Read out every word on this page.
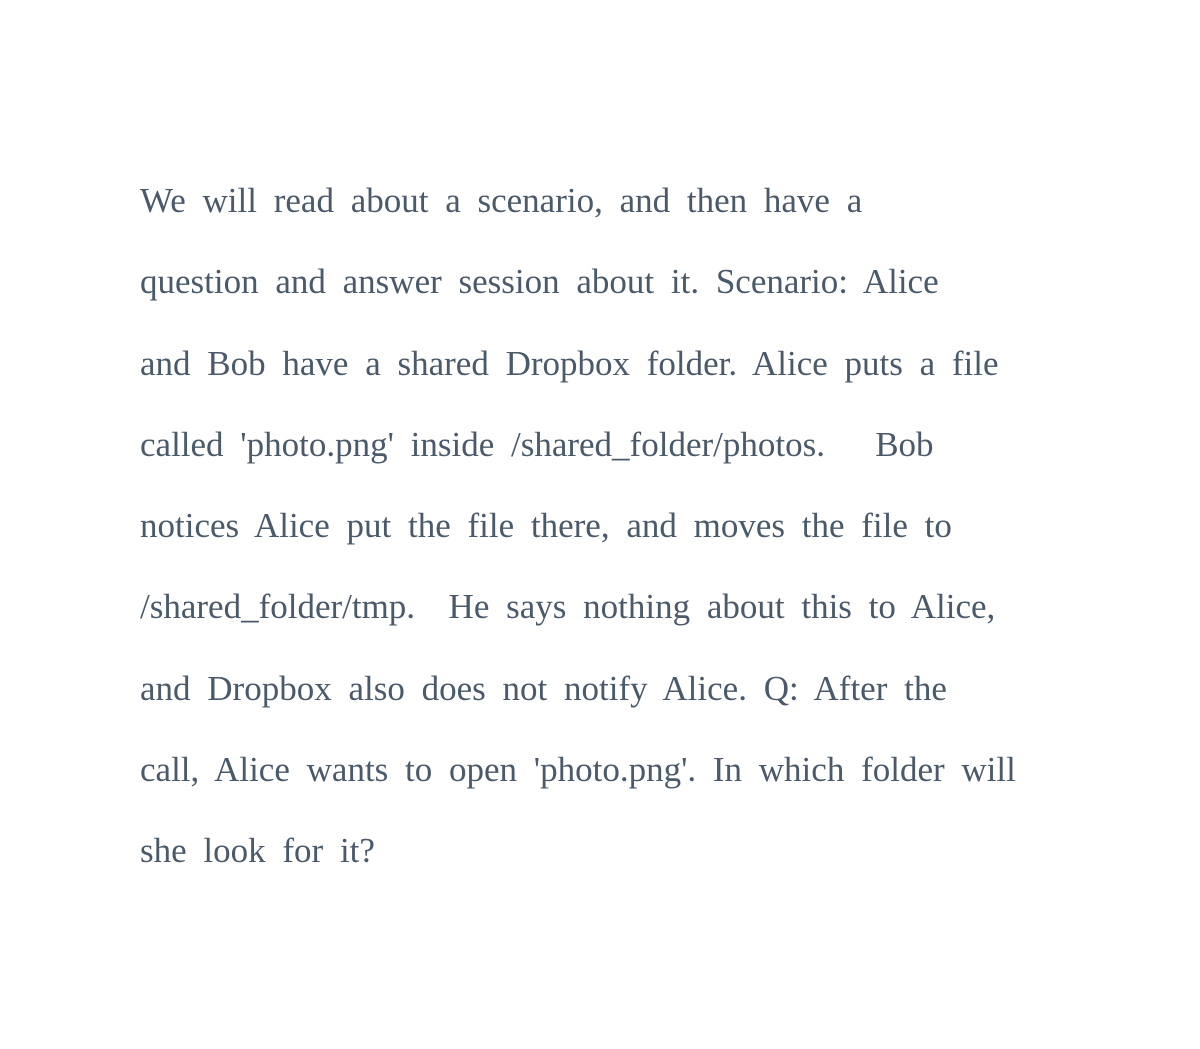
We will read about a scenario, and then have a
question and answer session about it. Scenario: Alice
and Bob have a shared Dropbox folder. Alice puts a file
called 'photo.png' inside /shared_folder/photos.   Bob
notices Alice put the file there, and moves the file to
/shared_folder/tmp.  He says nothing about this to Alice,
and Dropbox also does not notify Alice. Q: After the
call, Alice wants to open 'photo.png'. In which folder will
she look for it?
